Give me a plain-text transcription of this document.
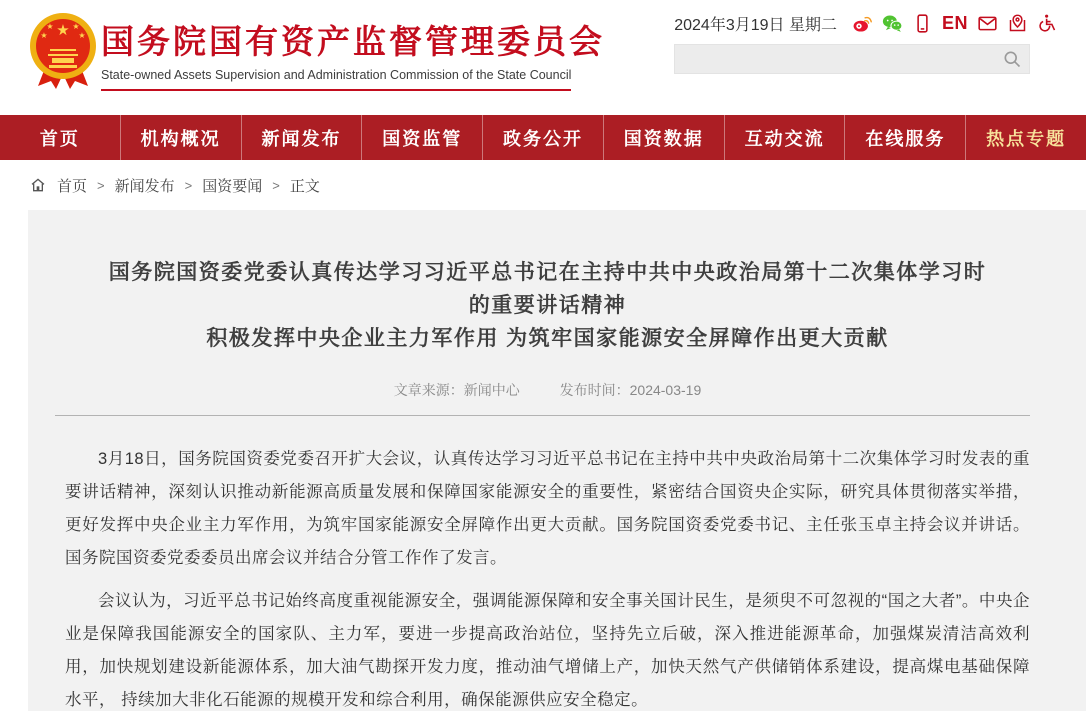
★
★ ★
★	★ 国务院国有资产监督管理委员会
State-owned Assets Supervision and Administration Commission of the State Council
2024年3月19日 星期二	EN
首页	机构概况	新闻发布	国资监管	政务公开	国资数据	互动交流	在线服务	热点专题
首页 > 新闻发布 > 国资要闻 > 正文
国务院国资委党委认真传达学习习近平总书记在主持中共中央政治局第十二次集体学习时
的重要讲话精神
积极发挥中央企业主力军作用 为筑牢国家能源安全屏障作出更大贡献
文章来源：新闻中心	发布时间：2024-03-19

3月18日，国务院国资委党委召开扩大会议，认真传达学习习近平总书记在主持中共中央政治局第十二次集体学习时发表的重要讲话精神，深刻认识推动新能源高质量发展和保障国家能源安全的重要性，紧密结合国资央企实际，研究具体贯彻落实举措，更好发挥中央企业主力军作用，为筑牢国家能源安全屏障作出更大贡献。国务院国资委党委书记、主任张玉卓主持会议并讲话。国务院国资委党委委员出席会议并结合分管工作作了发言。

会议认为，习近平总书记始终高度重视能源安全，强调能源保障和安全事关国计民生，是须臾不可忽视的“国之大者”。中央企业是保障我国能源安全的国家队、主力军，要进一步提高政治站位，坚持先立后破，深入推进能源革命，加强煤炭清洁高效利用，加快规划建设新能源体系，加大油气勘探开发力度，推动油气增储上产，加快天然气产供储销体系建设，提高煤电基础保障水平， 持续加大非化石能源的规模开发和综合利用，确保能源供应安全稳定。
